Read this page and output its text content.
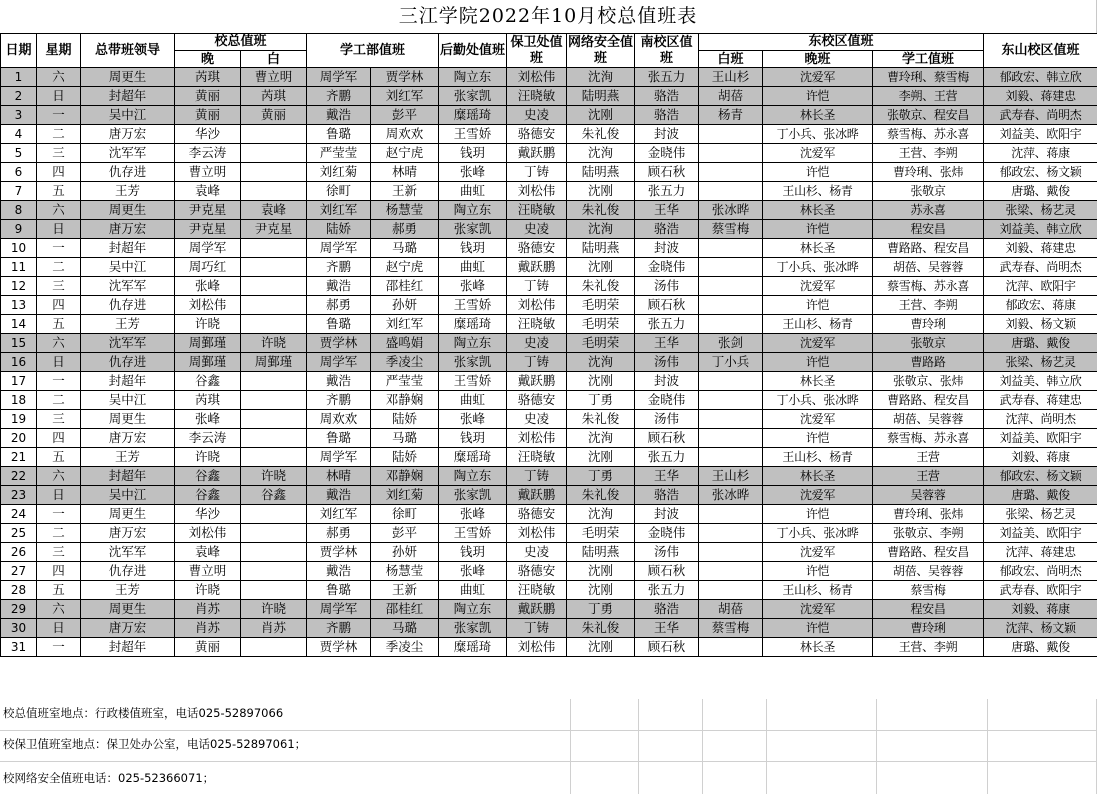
三江学院2022年10月校总值班表
日期	星期	总带班领导	校总值班		学工部值班		后勤处值班	保卫处值班	网络安全值班	南校区值班	东校区值班			东山校区值班
			晚	白							白班	晚班	学工值班	
1	六	周更生	芮琪	曹立明	周学军	贾学林	陶立东	刘松伟	沈洵	张五力	王山杉	沈爱军	曹玲琍、蔡雪梅	郁政宏、韩立欣
2	日	封超年	黄丽	芮琪	齐鹏	刘红军	张家凯	汪晓敏	陆明燕	骆浩	胡蓓	许恺	李朔、王营	刘毅、蒋建忠
3	一	吴中江	黄丽	黄丽	戴浩	彭平	糜瑶琦	史凌	沈刚	骆浩	杨青	林长圣	张敬京、程安昌	武寿春、尚明杰
4	二	唐万宏	华沙		鲁璐	周欢欢	王雪娇	骆德安	朱礼俊	封波		丁小兵、张冰晔	蔡雪梅、苏永喜	刘益美、欧阳宇
5	三	沈军军	李云涛		严莹莹	赵宁虎	钱玥	戴跃鹏	沈洵	金晓伟		沈爱军	王营、李朔	沈萍、蒋康
6	四	仇存进	曹立明		刘红菊	林晴	张峰	丁铸	陆明燕	顾石秋		许恺	曹玲琍、张炜	郁政宏、杨文颖
7	五	王芳	袁峰		徐町	王新	曲虹	刘松伟	沈刚	张五力		王山杉、杨青	张敬京	唐璐、戴俊
8	六	周更生	尹克星	袁峰	刘红军	杨慧莹	陶立东	汪晓敏	朱礼俊	王华	张冰晔	林长圣	苏永喜	张梁、杨艺灵
9	日	唐万宏	尹克星	尹克星	陆娇	郝勇	张家凯	史凌	沈洵	骆浩	蔡雪梅	许恺	程安昌	刘益美、韩立欣
10	一	封超年	周学军		周学军	马璐	钱玥	骆德安	陆明燕	封波		林长圣	曹路路、程安昌	刘毅、蒋建忠
11	二	吴中江	周巧红		齐鹏	赵宁虎	曲虹	戴跃鹏	沈刚	金晓伟		丁小兵、张冰晔	胡蓓、吴蓉蓉	武寿春、尚明杰
12	三	沈军军	张峰		戴浩	邵桂红	张峰	丁铸	朱礼俊	汤伟		沈爱军	蔡雪梅、苏永喜	沈萍、欧阳宇
13	四	仇存进	刘松伟		郝勇	孙妍	王雪娇	刘松伟	毛明荣	顾石秋		许恺	王营、李朔	郁政宏、蒋康
14	五	王芳	许晓		鲁璐	刘红军	糜瑶琦	汪晓敏	毛明荣	张五力		王山杉、杨青	曹玲琍	刘毅、杨文颖
15	六	沈军军	周鄞瑾	许晓	贾学林	盛鸣娟	陶立东	史凌	毛明荣	王华	张剑	沈爱军	张敬京	唐璐、戴俊
16	日	仇存进	周鄞瑾	周鄞瑾	周学军	季凌尘	张家凯	丁铸	沈洵	汤伟	丁小兵	许恺	曹路路	张梁、杨艺灵
17	一	封超年	谷鑫		戴浩	严莹莹	王雪娇	戴跃鹏	沈刚	封波		林长圣	张敬京、张炜	刘益美、韩立欣
18	二	吴中江	芮琪		齐鹏	邓静娴	曲虹	骆德安	丁勇	金晓伟		丁小兵、张冰晔	曹路路、程安昌	武寿春、蒋建忠
19	三	周更生	张峰		周欢欢	陆娇	张峰	史凌	朱礼俊	汤伟		沈爱军	胡蓓、吴蓉蓉	沈萍、尚明杰
20	四	唐万宏	李云涛		鲁璐	马璐	钱玥	刘松伟	沈洵	顾石秋		许恺	蔡雪梅、苏永喜	刘益美、欧阳宇
21	五	王芳	许晓		周学军	陆娇	糜瑶琦	汪晓敏	沈刚	张五力		王山杉、杨青	王营	刘毅、蒋康
22	六	封超年	谷鑫	许晓	林晴	邓静娴	陶立东	丁铸	丁勇	王华	王山杉	林长圣	王营	郁政宏、杨文颖
23	日	吴中江	谷鑫	谷鑫	戴浩	刘红菊	张家凯	戴跃鹏	朱礼俊	骆浩	张冰晔	沈爱军	吴蓉蓉	唐璐、戴俊
24	一	周更生	华沙		刘红军	徐町	张峰	骆德安	沈洵	封波		许恺	曹玲琍、张炜	张梁、杨艺灵
25	二	唐万宏	刘松伟		郝勇	彭平	王雪娇	刘松伟	毛明荣	金晓伟		丁小兵、张冰晔	张敬京、李朔	刘益美、欧阳宇
26	三	沈军军	袁峰		贾学林	孙妍	钱玥	史凌	陆明燕	汤伟		沈爱军	曹路路、程安昌	沈萍、蒋建忠
27	四	仇存进	曹立明		戴浩	杨慧莹	张峰	骆德安	沈刚	顾石秋		许恺	胡蓓、吴蓉蓉	郁政宏、尚明杰
28	五	王芳	许晓		鲁璐	王新	曲虹	汪晓敏	沈刚	张五力		王山杉、杨青	蔡雪梅	武寿春、欧阳宇
29	六	周更生	肖苏	许晓	周学军	邵桂红	陶立东	戴跃鹏	丁勇	骆浩	胡蓓	沈爱军	程安昌	刘毅、蒋康
30	日	唐万宏	肖苏	肖苏	齐鹏	马璐	张家凯	丁铸	朱礼俊	王华	蔡雪梅	许恺	曹玲琍	沈萍、杨文颖
31	一	封超年	黄丽		贾学林	季凌尘	糜瑶琦	刘松伟	沈刚	顾石秋		林长圣	王营、李朔	唐璐、戴俊
校总值班室地点：行政楼值班室，电话025-52897066
校保卫值班室地点：保卫处办公室，电话025-52897061；
校网络安全值班电话：025-52366071；
